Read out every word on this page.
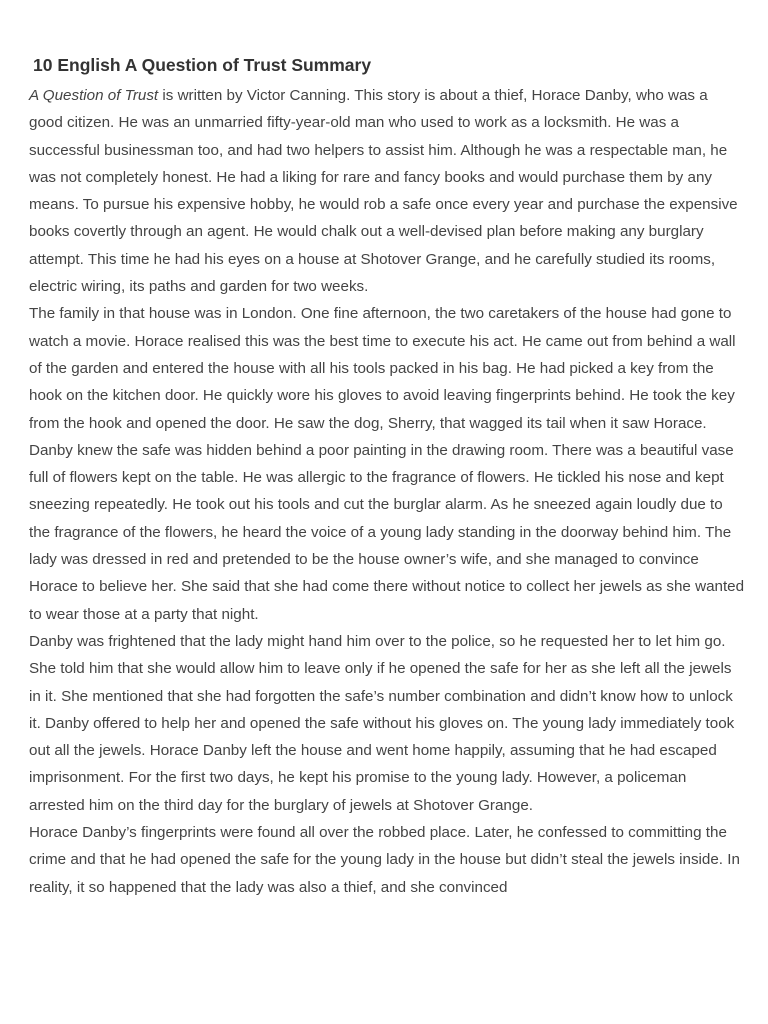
10 English A Question of Trust Summary

A Question of Trust is written by Victor Canning. This story is about a thief, Horace Danby, who was a good citizen. He was an unmarried fifty-year-old man who used to work as a locksmith. He was a successful businessman too, and had two helpers to assist him. Although he was a respectable man, he was not completely honest. He had a liking for rare and fancy books and would purchase them by any means. To pursue his expensive hobby, he would rob a safe once every year and purchase the expensive books covertly through an agent. He would chalk out a well-devised plan before making any burglary attempt. This time he had his eyes on a house at Shotover Grange, and he carefully studied its rooms, electric wiring, its paths and garden for two weeks.

The family in that house was in London. One fine afternoon, the two caretakers of the house had gone to watch a movie. Horace realised this was the best time to execute his act. He came out from behind a wall of the garden and entered the house with all his tools packed in his bag. He had picked a key from the hook on the kitchen door. He quickly wore his gloves to avoid leaving fingerprints behind. He took the key from the hook and opened the door. He saw the dog, Sherry, that wagged its tail when it saw Horace.

Danby knew the safe was hidden behind a poor painting in the drawing room. There was a beautiful vase full of flowers kept on the table. He was allergic to the fragrance of flowers. He tickled his nose and kept sneezing repeatedly. He took out his tools and cut the burglar alarm. As he sneezed again loudly due to the fragrance of the flowers, he heard the voice of a young lady standing in the doorway behind him. The lady was dressed in red and pretended to be the house owner’s wife, and she managed to convince Horace to believe her. She said that she had come there without notice to collect her jewels as she wanted to wear those at a party that night.

Danby was frightened that the lady might hand him over to the police, so he requested her to let him go. She told him that she would allow him to leave only if he opened the safe for her as she left all the jewels in it. She mentioned that she had forgotten the safe’s number combination and didn’t know how to unlock it. Danby offered to help her and opened the safe without his gloves on. The young lady immediately took out all the jewels. Horace Danby left the house and went home happily, assuming that he had escaped imprisonment. For the first two days, he kept his promise to the young lady. However, a policeman arrested him on the third day for the burglary of jewels at Shotover Grange.

Horace Danby’s fingerprints were found all over the robbed place. Later, he confessed to committing the crime and that he had opened the safe for the young lady in the house but didn’t steal the jewels inside. In reality, it so happened that the lady was also a thief, and she convinced
